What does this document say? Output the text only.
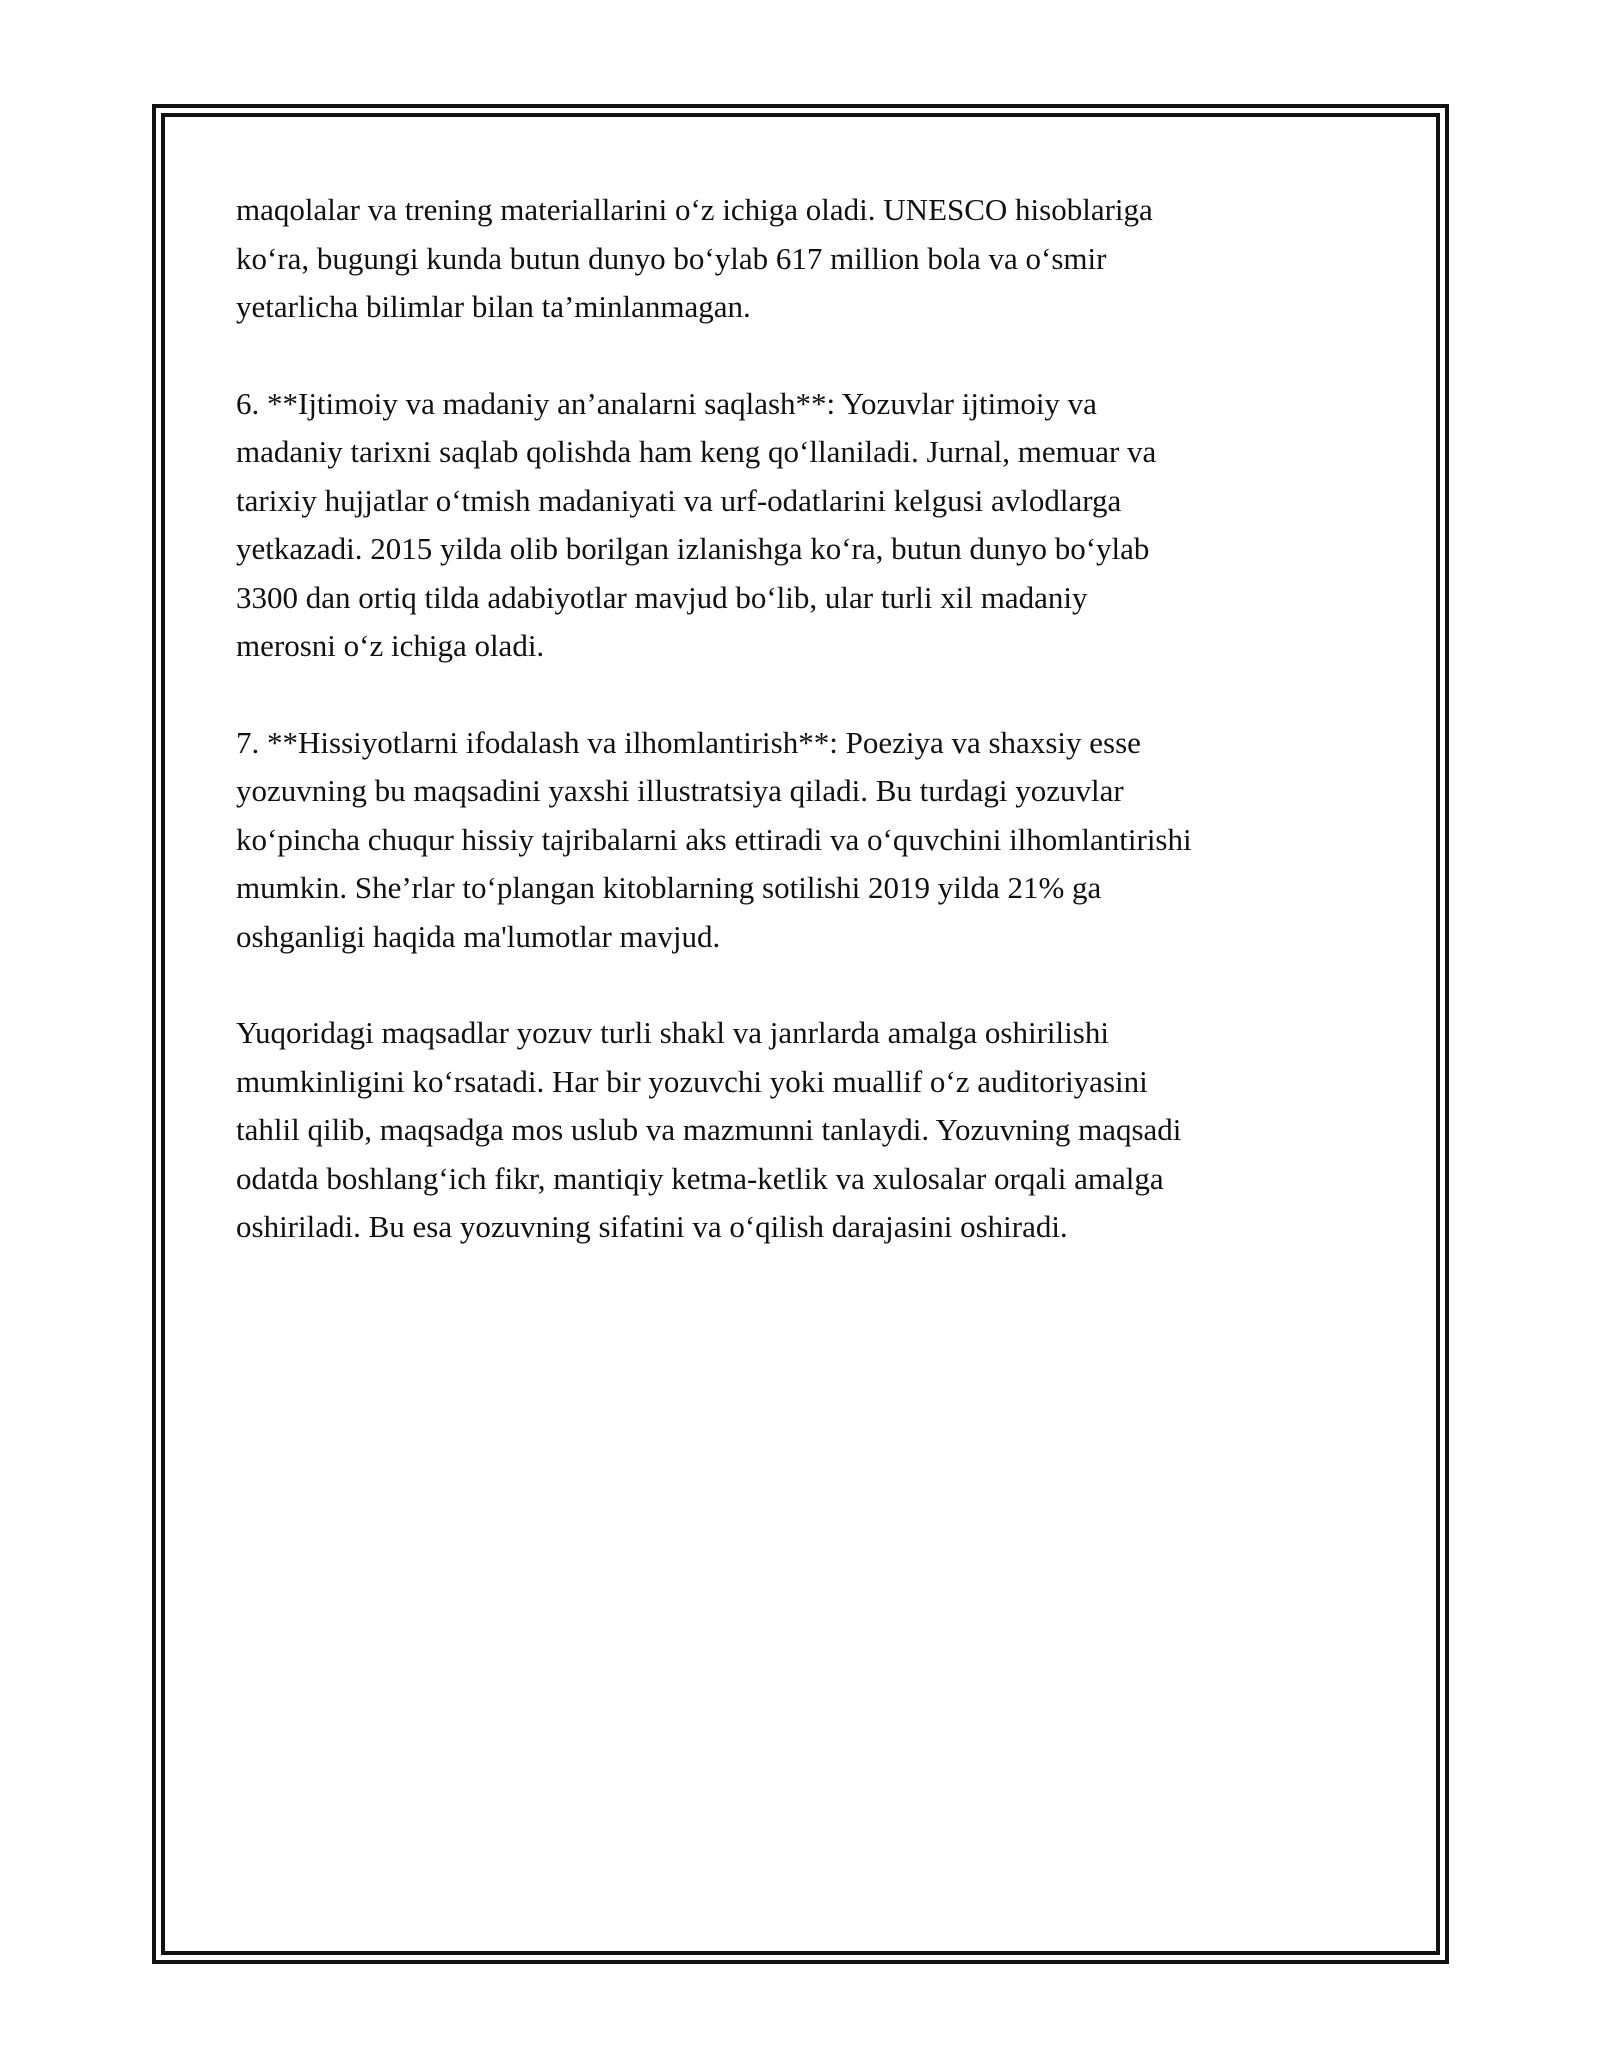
maqolalar va trening materiallarini o‘z ichiga oladi. UNESCO hisoblariga
ko‘ra, bugungi kunda butun dunyo bo‘ylab 617 million bola va o‘smir
yetarlicha bilimlar bilan ta’minlanmagan.

6. **Ijtimoiy va madaniy an’analarni saqlash**: Yozuvlar ijtimoiy va
madaniy tarixni saqlab qolishda ham keng qo‘llaniladi. Jurnal, memuar va
tarixiy hujjatlar o‘tmish madaniyati va urf-odatlarini kelgusi avlodlarga
yetkazadi. 2015 yilda olib borilgan izlanishga ko‘ra, butun dunyo bo‘ylab
3300 dan ortiq tilda adabiyotlar mavjud bo‘lib, ular turli xil madaniy
merosni o‘z ichiga oladi.

7. **Hissiyotlarni ifodalash va ilhomlantirish**: Poeziya va shaxsiy esse
yozuvning bu maqsadini yaxshi illustratsiya qiladi. Bu turdagi yozuvlar
ko‘pincha chuqur hissiy tajribalarni aks ettiradi va o‘quvchini ilhomlantirishi
mumkin. She’rlar to‘plangan kitoblarning sotilishi 2019 yilda 21% ga
oshganligi haqida ma'lumotlar mavjud.

Yuqoridagi maqsadlar yozuv turli shakl va janrlarda amalga oshirilishi
mumkinligini ko‘rsatadi. Har bir yozuvchi yoki muallif o‘z auditoriyasini
tahlil qilib, maqsadga mos uslub va mazmunni tanlaydi. Yozuvning maqsadi
odatda boshlang‘ich fikr, mantiqiy ketma-ketlik va xulosalar orqali amalga
oshiriladi. Bu esa yozuvning sifatini va o‘qilish darajasini oshiradi.
